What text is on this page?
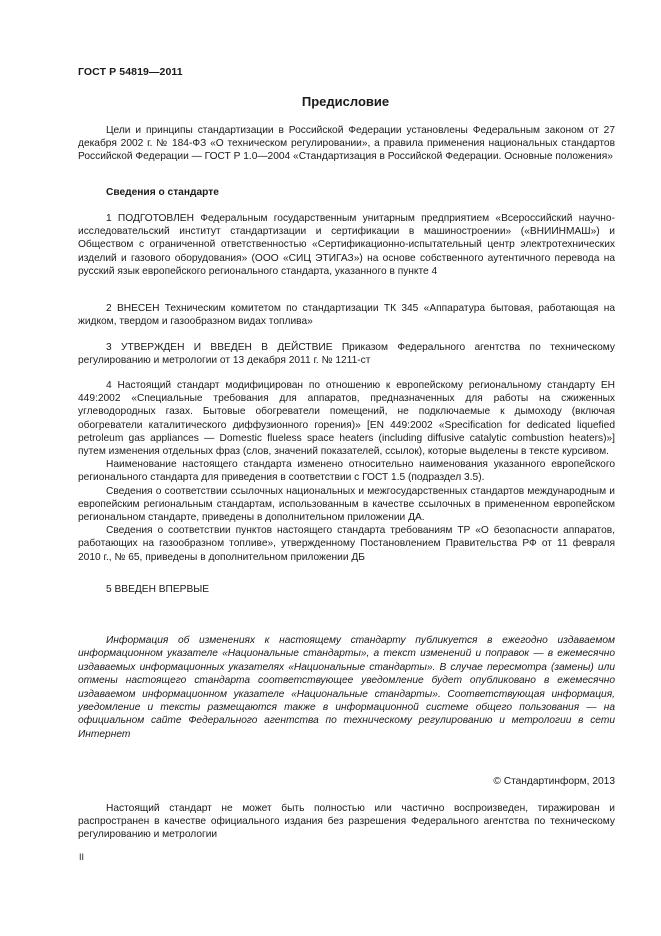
ГОСТ Р 54819—2011
Предисловие

Цели и принципы стандартизации в Российской Федерации установлены Федеральным законом от 27 декабря 2002 г. № 184-ФЗ «О техническом регулировании», а правила применения национальных стандартов Российской Федерации — ГОСТ Р 1.0—2004 «Стандартизация в Российской Федерации. Основные положения»

Сведения о стандарте

1 ПОДГОТОВЛЕН Федеральным государственным унитарным предприятием «Всероссийский научно-исследовательский институт стандартизации и сертификации в машиностроении» («ВНИИНМАШ») и Обществом с ограниченной ответственностью «Сертификационно-испытательный центр электротехнических изделий и газового оборудования» (ООО «СИЦ ЭТИГАЗ») на основе собственного аутентичного перевода на русский язык европейского регионального стандарта, указанного в пункте 4

2 ВНЕСЕН Техническим комитетом по стандартизации ТК 345 «Аппаратура бытовая, работающая на жидком, твердом и газообразном видах топлива»

3 УТВЕРЖДЕН И ВВЕДЕН В ДЕЙСТВИЕ Приказом Федерального агентства по техническому регулированию и метрологии от 13 декабря 2011 г. № 1211-ст

4 Настоящий стандарт модифицирован по отношению к европейскому региональному стандарту ЕН 449:2002 «Специальные требования для аппаратов, предназначенных для работы на сжиженных углеводородных газах. Бытовые обогреватели помещений, не подключаемые к дымоходу (включая обогреватели каталитического диффузионного горения)» [EN 449:2002 «Specification for dedicated liquefied petroleum gas appliances — Domestic flueless space heaters (including diffusive catalytic combustion heaters)»] путем изменения отдельных фраз (слов, значений показателей, ссылок), которые выделены в тексте курсивом.

Наименование настоящего стандарта изменено относительно наименования указанного европейского регионального стандарта для приведения в соответствии с ГОСТ 1.5 (подраздел 3.5).

Сведения о соответствии ссылочных национальных и межгосударственных стандартов международным и европейским региональным стандартам, использованным в качестве ссылочных в примененном европейском региональном стандарте, приведены в дополнительном приложении ДА.

Сведения о соответствии пунктов настоящего стандарта требованиям ТР «О безопасности аппаратов, работающих на газообразном топливе», утвержденному Постановлением Правительства РФ от 11 февраля 2010 г., № 65, приведены в дополнительном приложении ДБ

5 ВВЕДЕН ВПЕРВЫЕ

Информация об изменениях к настоящему стандарту публикуется в ежегодно издаваемом информационном указателе «Национальные стандарты», а текст изменений и поправок — в ежемесячно издаваемых информационных указателях «Национальные стандарты». В случае пересмотра (замены) или отмены настоящего стандарта соответствующее уведомление будет опубликовано в ежемесячно издаваемом информационном указателе «Национальные стандарты». Соответствующая информация, уведомление и тексты размещаются также в информационной системе общего пользования — на официальном сайте Федерального агентства по техническому регулированию и метрологии в сети Интернет

© Стандартинформ, 2013

Настоящий стандарт не может быть полностью или частично воспроизведен, тиражирован и распространен в качестве официального издания без разрешения Федерального агентства по техническому регулированию и метрологии

II
